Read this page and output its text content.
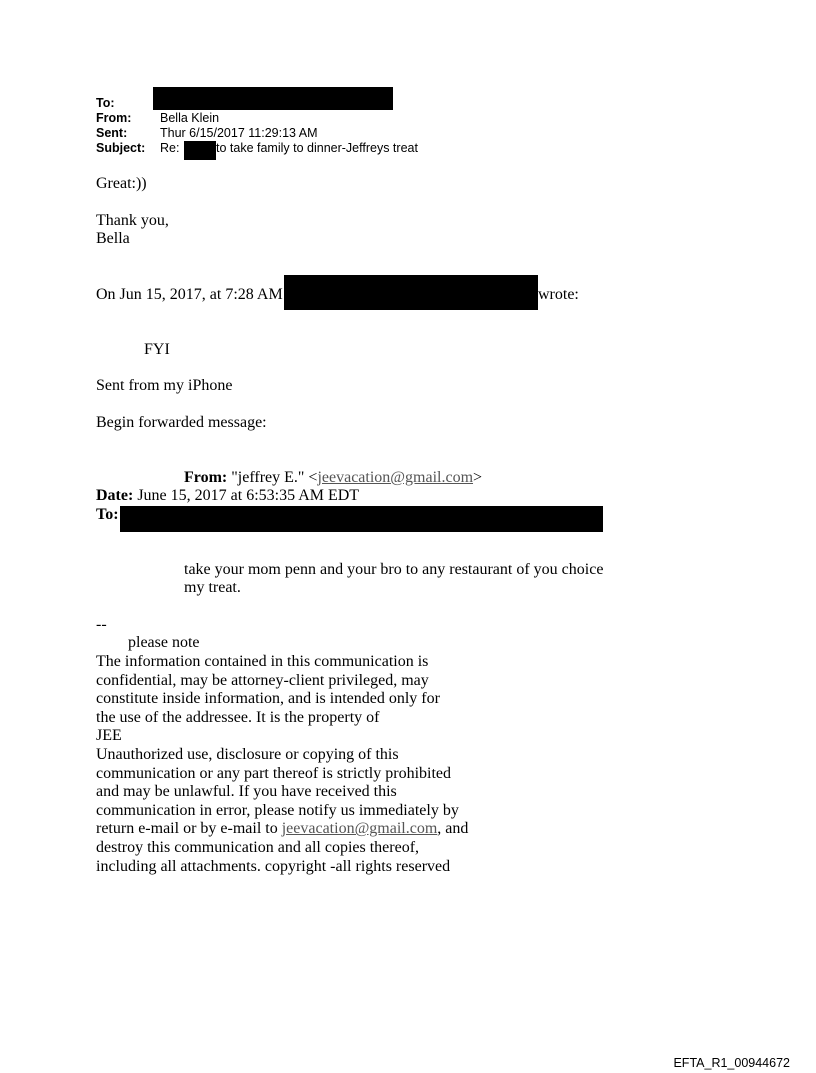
To:
From: Bella Klein
Sent:	Thur 6/15/2017 11:29:13 AM
Subject: Re:	to take family to dinner-Jeffreys treat
Great:))
Thank you,
Bella
On Jun 15, 2017, at 7:28 AM	wrote:
FYI
Sent from my iPhone
Begin forwarded message:
From: "jeffrey E." <jeevacation@gmail.com>
Date: June 15, 2017 at 6:53:35 AM EDT
To:
take your mom penn and your bro to any restaurant of you choice
my treat.
--
please note
The information contained in this communication is
confidential, may be attorney-client privileged, may
constitute inside information, and is intended only for
the use of the addressee. It is the property of
JEE
Unauthorized use, disclosure or copying of this
communication or any part thereof is strictly prohibited
and may be unlawful. If you have received this
communication in error, please notify us immediately by
return e-mail or by e-mail to jeevacation@gmail.com, and
destroy this communication and all copies thereof,
including all attachments. copyright -all rights reserved
EFTA_R1_00944672
